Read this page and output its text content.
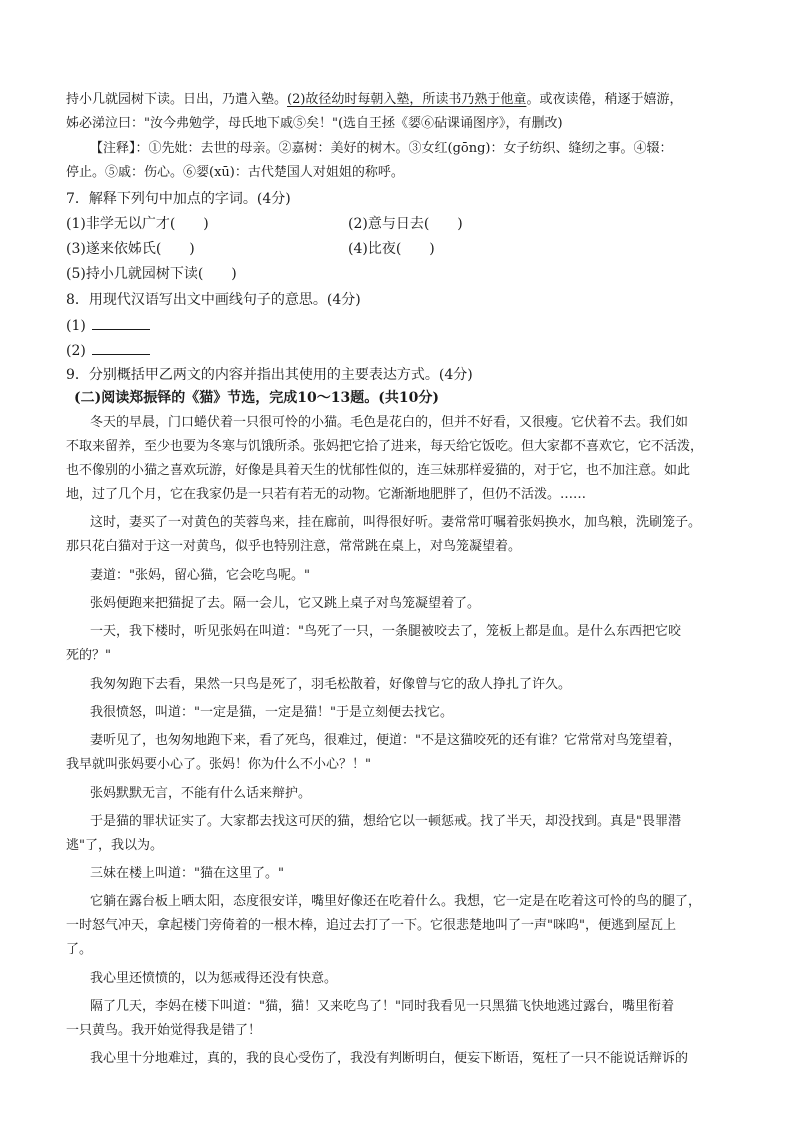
持小几就园树下读。日出，乃遣入塾。(2)故径幼时每朝入塾，所读书乃熟于他童。或夜读倦，稍逐于嬉游，
姊必涕泣曰："汝今弗勉学，母氏地下戚⑤矣！"(选自王拯《媭⑥砧课诵图序》，有删改)
【注释】：①先妣：去世的母亲。②嘉树：美好的树木。③女红(gōng)：女子纺织、缝纫之事。④辍：
停止。⑤戚：伤心。⑥媭(xū)：古代楚国人对姐姐的称呼。
7．解释下列句中加点的字词。(4分)
(1)非学无以广才(　　)	(2)意与日去(　　)
(3)遂来依姊氏(　　)	(4)比夜(　　)
(5)持小几就园树下读(　　)
8．用现代汉语写出文中画线句子的意思。(4分)
(1)
(2)
9．分别概括甲乙两文的内容并指出其使用的主要表达方式。(4分)
(二)阅读郑振铎的《猫》节选，完成10～13题。(共10分)
冬天的早晨，门口蜷伏着一只很可怜的小猫。毛色是花白的，但并不好看，又很瘦。它伏着不去。我们如
不取来留养，至少也要为冬寒与饥饿所杀。张妈把它拾了进来，每天给它饭吃。但大家都不喜欢它，它不活泼，
也不像别的小猫之喜欢玩游，好像是具着天生的忧郁性似的，连三妹那样爱猫的，对于它，也不加注意。如此
地，过了几个月，它在我家仍是一只若有若无的动物。它渐渐地肥胖了，但仍不活泼。……
这时，妻买了一对黄色的芙蓉鸟来，挂在廊前，叫得很好听。妻常常叮嘱着张妈换水，加鸟粮，洗刷笼子。
那只花白猫对于这一对黄鸟，似乎也特别注意，常常跳在桌上，对鸟笼凝望着。
妻道："张妈，留心猫，它会吃鸟呢。"
张妈便跑来把猫捉了去。隔一会儿，它又跳上桌子对鸟笼凝望着了。
一天，我下楼时，听见张妈在叫道："鸟死了一只，一条腿被咬去了，笼板上都是血。是什么东西把它咬
死的？"
我匆匆跑下去看，果然一只鸟是死了，羽毛松散着，好像曾与它的敌人挣扎了许久。
我很愤怒，叫道："一定是猫，一定是猫！"于是立刻便去找它。
妻听见了，也匆匆地跑下来，看了死鸟，很难过，便道："不是这猫咬死的还有谁？它常常对鸟笼望着，
我早就叫张妈要小心了。张妈！你为什么不小心？！"
张妈默默无言，不能有什么话来辩护。
于是猫的罪状证实了。大家都去找这可厌的猫，想给它以一顿惩戒。找了半天，却没找到。真是"畏罪潜
逃"了，我以为。
三妹在楼上叫道："猫在这里了。"
它躺在露台板上晒太阳，态度很安详，嘴里好像还在吃着什么。我想，它一定是在吃着这可怜的鸟的腿了，
一时怒气冲天，拿起楼门旁倚着的一根木棒，追过去打了一下。它很悲楚地叫了一声"咪呜"，便逃到屋瓦上
了。
我心里还愤愤的，以为惩戒得还没有快意。
隔了几天，李妈在楼下叫道："猫，猫！又来吃鸟了！"同时我看见一只黑猫飞快地逃过露台，嘴里衔着
一只黄鸟。我开始觉得我是错了！
我心里十分地难过，真的，我的良心受伤了，我没有判断明白，便妄下断语，冤枉了一只不能说话辩诉的
